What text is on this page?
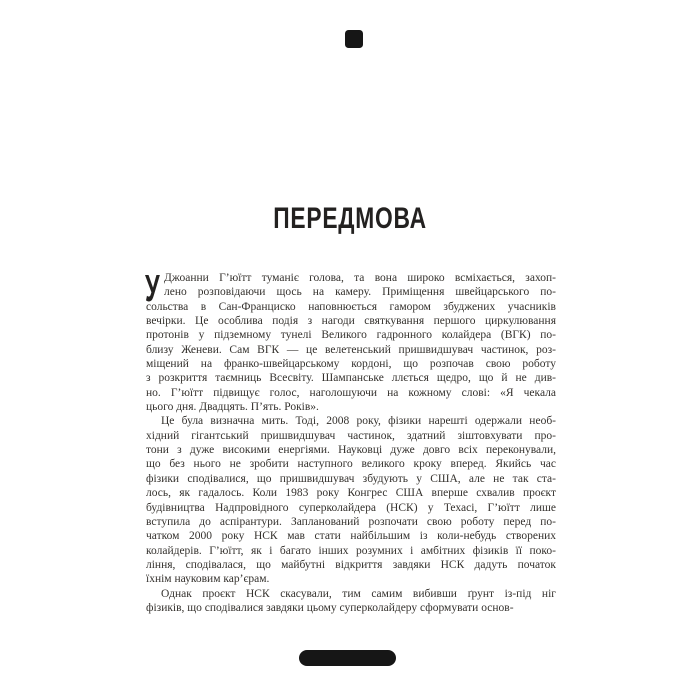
ПЕРЕДМОВА
У Джоанни Г’юїтт туманіє голова, та вона широко всміхається, захоп-
лено розповідаючи щось на камеру. Приміщення швейцарського по-
сольства в Сан-Франциско наповнюється гамором збуджених учасників
вечірки. Це особлива подія з нагоди святкування першого циркулювання
протонів у підземному тунелі Великого гадронного колайдера (ВГК) по-
близу Женеви. Сам ВГК — це велетенський пришвидшувач частинок, роз-
міщений на франко-швейцарському кордоні, що розпочав свою роботу
з розкриття таємниць Всесвіту. Шампанське ллється щедро, що й не див-
но. Г’юїтт підвищує голос, наголошуючи на кожному слові: «Я чекала
цього дня. Двадцять. П’ять. Років».
Це була визначна мить. Тоді, 2008 року, фізики нарешті одержали необ-
хідний гігантський пришвидшувач частинок, здатний зіштовхувати про-
тони з дуже високими енергіями. Науковці дуже довго всіх переконували,
що без нього не зробити наступного великого кроку вперед. Якийсь час
фізики сподівалися, що пришвидшувач збудують у США, але не так ста-
лось, як гадалось. Коли 1983 року Конгрес США вперше схвалив проєкт
будівництва Надпровідного суперколайдера (НСК) у Техасі, Г’юїтт лише
вступила до аспірантури. Запланований розпочати свою роботу перед по-
чатком 2000 року НСК мав стати найбільшим із коли-небудь створених
колайдерів. Г’юїтт, як і багато інших розумних і амбітних фізиків її поко-
ління, сподівалася, що майбутні відкриття завдяки НСК дадуть початок
їхнім науковим кар’єрам.
Однак проєкт НСК скасували, тим самим вибивши ґрунт із-під ніг
фізиків, що сподівалися завдяки цьому суперколайдеру сформувати основ-
